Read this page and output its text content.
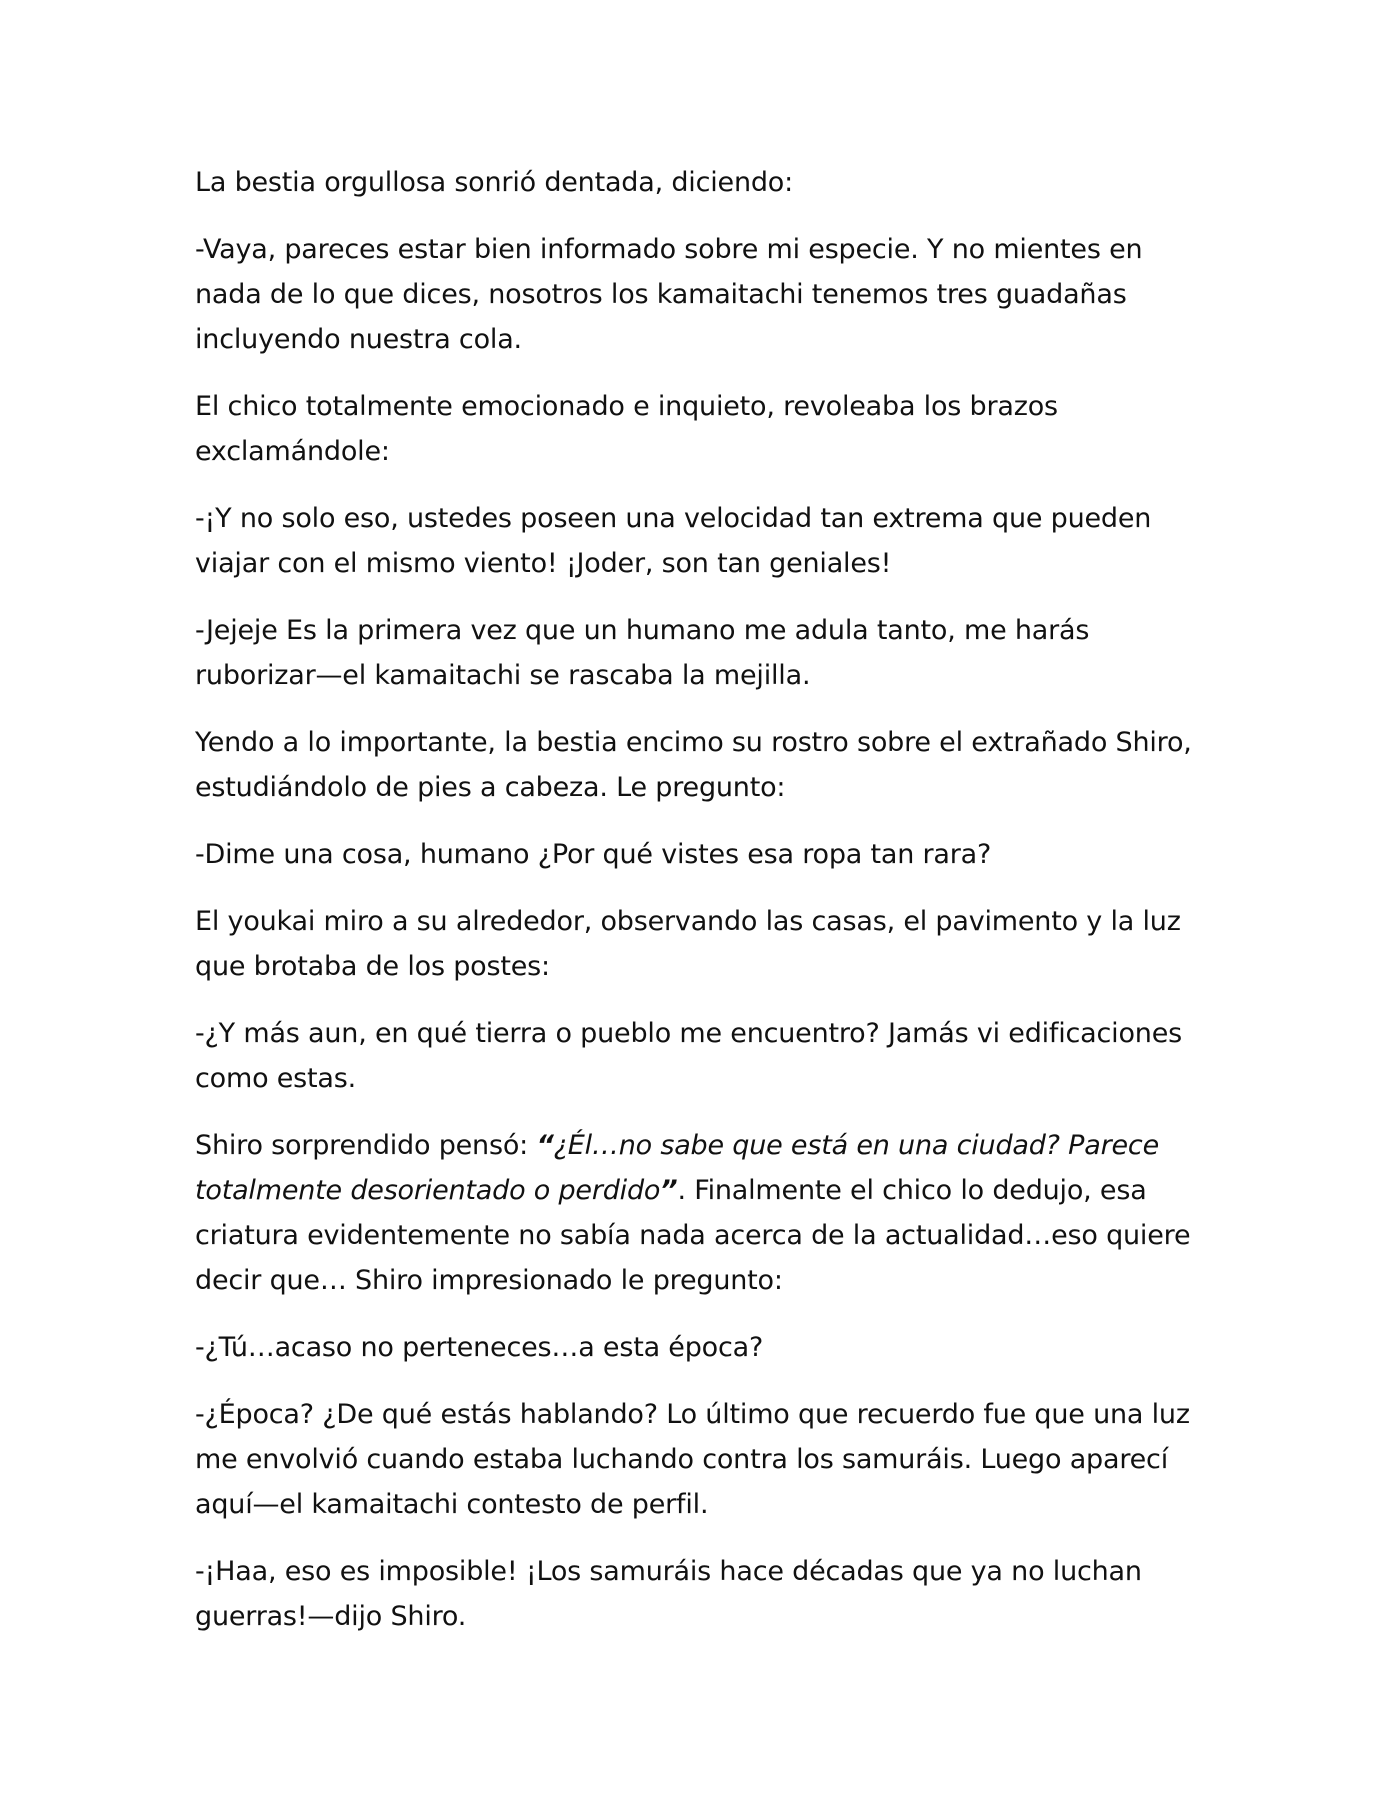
La bestia orgullosa sonrió dentada, diciendo:

-Vaya, pareces estar bien informado sobre mi especie. Y no mientes en nada de lo que dices, nosotros los kamaitachi tenemos tres guadañas incluyendo nuestra cola.

El chico totalmente emocionado e inquieto, revoleaba los brazos exclamándole:

-¡Y no solo eso, ustedes poseen una velocidad tan extrema que pueden viajar con el mismo viento! ¡Joder, son tan geniales!

-Jejeje Es la primera vez que un humano me adula tanto, me harás ruborizar—el kamaitachi se rascaba la mejilla.

Yendo a lo importante, la bestia encimo su rostro sobre el extrañado Shiro, estudiándolo de pies a cabeza. Le pregunto:

-Dime una cosa, humano ¿Por qué vistes esa ropa tan rara?

El youkai miro a su alrededor, observando las casas, el pavimento y la luz que brotaba de los postes:

-¿Y más aun, en qué tierra o pueblo me encuentro? Jamás vi edificaciones como estas.

Shiro sorprendido pensó: “¿Él…no sabe que está en una ciudad? Parece totalmente desorientado o perdido”. Finalmente el chico lo dedujo, esa criatura evidentemente no sabía nada acerca de la actualidad…eso quiere decir que… Shiro impresionado le pregunto:

-¿Tú…acaso no perteneces…a esta época?

-¿Época? ¿De qué estás hablando? Lo último que recuerdo fue que una luz me envolvió cuando estaba luchando contra los samuráis. Luego aparecí aquí—el kamaitachi contesto de perfil.

-¡Haa, eso es imposible! ¡Los samuráis hace décadas que ya no luchan guerras!—dijo Shiro.
